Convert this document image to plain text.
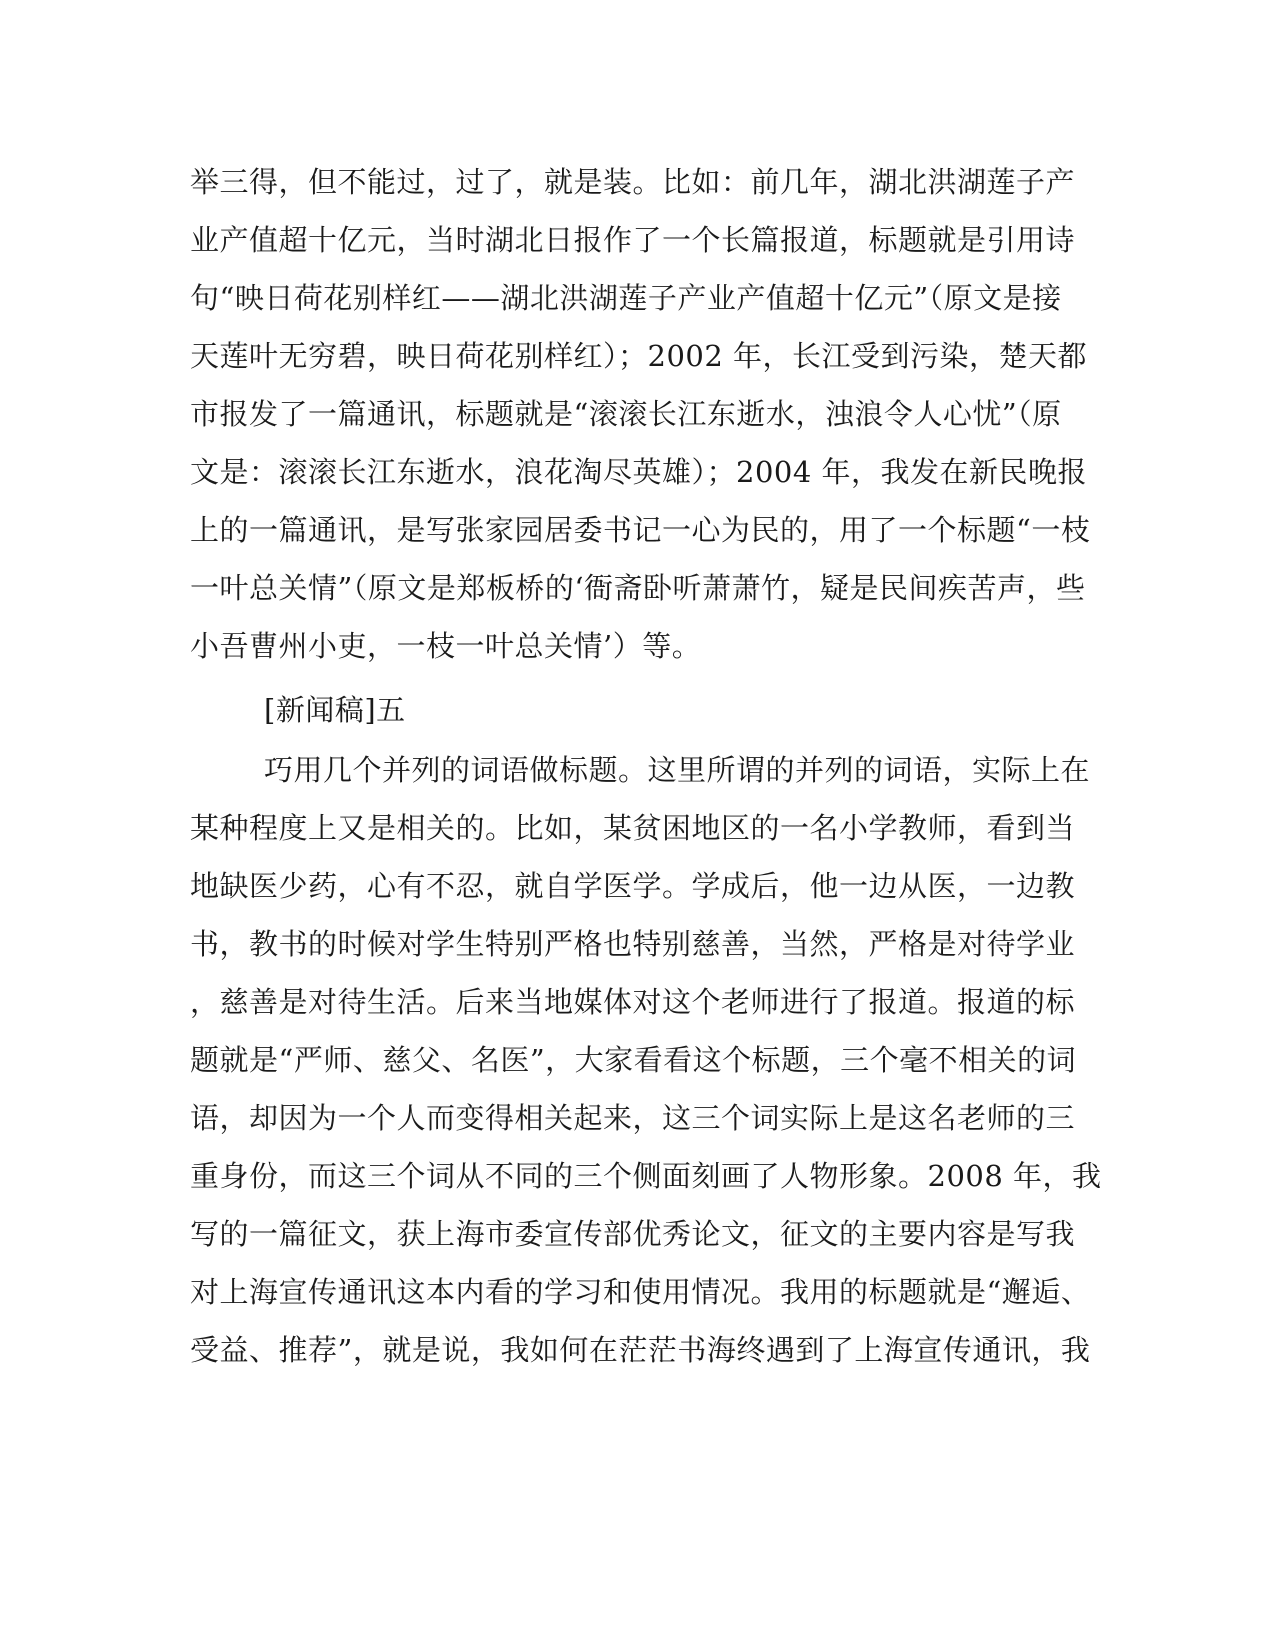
举三得，但不能过，过了，就是装。比如：前几年，湖北洪湖莲子产
业产值超十亿元，当时湖北日报作了一个长篇报道，标题就是引用诗
句“映日荷花别样红——湖北洪湖莲子产业产值超十亿元”（原文是接
天莲叶无穷碧，映日荷花别样红）；2002 年，长江受到污染，楚天都
市报发了一篇通讯，标题就是“滚滚长江东逝水，浊浪令人心忧”（原
文是：滚滚长江东逝水，浪花淘尽英雄）；2004 年，我发在新民晚报
上的一篇通讯，是写张家园居委书记一心为民的，用了一个标题“一枝
一叶总关情”（原文是郑板桥的‘衙斋卧听萧萧竹，疑是民间疾苦声，些
小吾曹州小吏，一枝一叶总关情’）等。
[新闻稿]五
巧用几个并列的词语做标题。这里所谓的并列的词语，实际上在
某种程度上又是相关的。比如，某贫困地区的一名小学教师，看到当
地缺医少药，心有不忍，就自学医学。学成后，他一边从医，一边教
书，教书的时候对学生特别严格也特别慈善，当然，严格是对待学业
，慈善是对待生活。后来当地媒体对这个老师进行了报道。报道的标
题就是“严师、慈父、名医”，大家看看这个标题，三个毫不相关的词
语，却因为一个人而变得相关起来，这三个词实际上是这名老师的三
重身份，而这三个词从不同的三个侧面刻画了人物形象。2008 年，我
写的一篇征文，获上海市委宣传部优秀论文，征文的主要内容是写我
对上海宣传通讯这本内看的学习和使用情况。我用的标题就是“邂逅、
受益、推荐”，就是说，我如何在茫茫书海终遇到了上海宣传通讯，我
